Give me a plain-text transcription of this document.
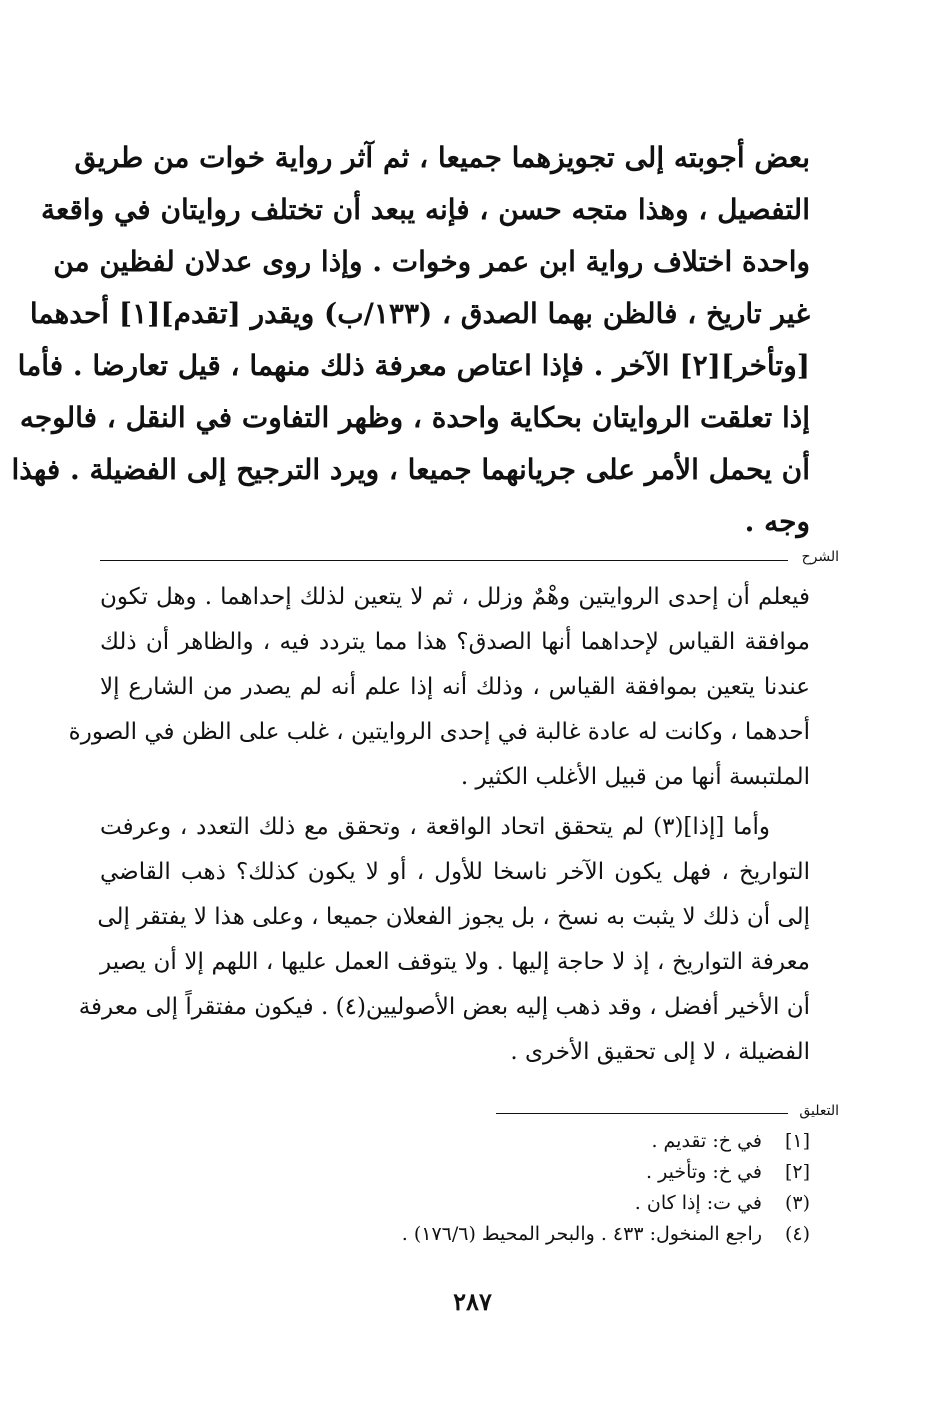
بعض أجوبته إلى تجويزهما جميعا ، ثم آثر رواية خوات من طريق
التفصيل ، وهذا متجه حسن ، فإنه يبعد أن تختلف روايتان في واقعة
واحدة اختلاف رواية ابن عمر وخوات . وإذا روى عدلان لفظين من
غير تاريخ ، فالظن بهما الصدق ، (١٣٣/ب) ويقدر [تقدم][١] أحدهما
[وتأخر][٢] الآخر . فإذا اعتاص معرفة ذلك منهما ، قيل تعارضا . فأما
إذا تعلقت الروايتان بحكاية واحدة ، وظهر التفاوت في النقل ، فالوجه
أن يحمل الأمر على جريانهما جميعا ، ويرد الترجيح إلى الفضيلة . فهذا
وجه .
الشرح
فيعلم أن إحدى الروايتين وهْمٌ وزلل ، ثم لا يتعين لذلك إحداهما . وهل تكون
موافقة القياس لإحداهما أنها الصدق؟ هذا مما يتردد فيه ، والظاهر أن ذلك
عندنا يتعين بموافقة القياس ، وذلك أنه إذا علم أنه لم يصدر من الشارع إلا
أحدهما ، وكانت له عادة غالبة في إحدى الروايتين ، غلب على الظن في الصورة
الملتبسة أنها من قبيل الأغلب الكثير .
وأما [إذا](٣) لم يتحقق اتحاد الواقعة ، وتحقق مع ذلك التعدد ، وعرفت
التواريخ ، فهل يكون الآخر ناسخا للأول ، أو لا يكون كذلك؟ ذهب القاضي
إلى أن ذلك لا يثبت به نسخ ، بل يجوز الفعلان جميعا ، وعلى هذا لا يفتقر إلى
معرفة التواريخ ، إذ لا حاجة إليها . ولا يتوقف العمل عليها ، اللهم إلا أن يصير
أن الأخير أفضل ، وقد ذهب إليه بعض الأصوليين(٤) . فيكون مفتقراً إلى معرفة
الفضيلة ، لا إلى تحقيق الأخرى .
التعليق
[١]في خ: تقديم .
[٢]في خ: وتأخير .
(٣)في ت: إذا كان .
(٤)راجع المنخول: ٤٣٣ . والبحر المحيط (١٧٦/٦) .
٢٨٧
